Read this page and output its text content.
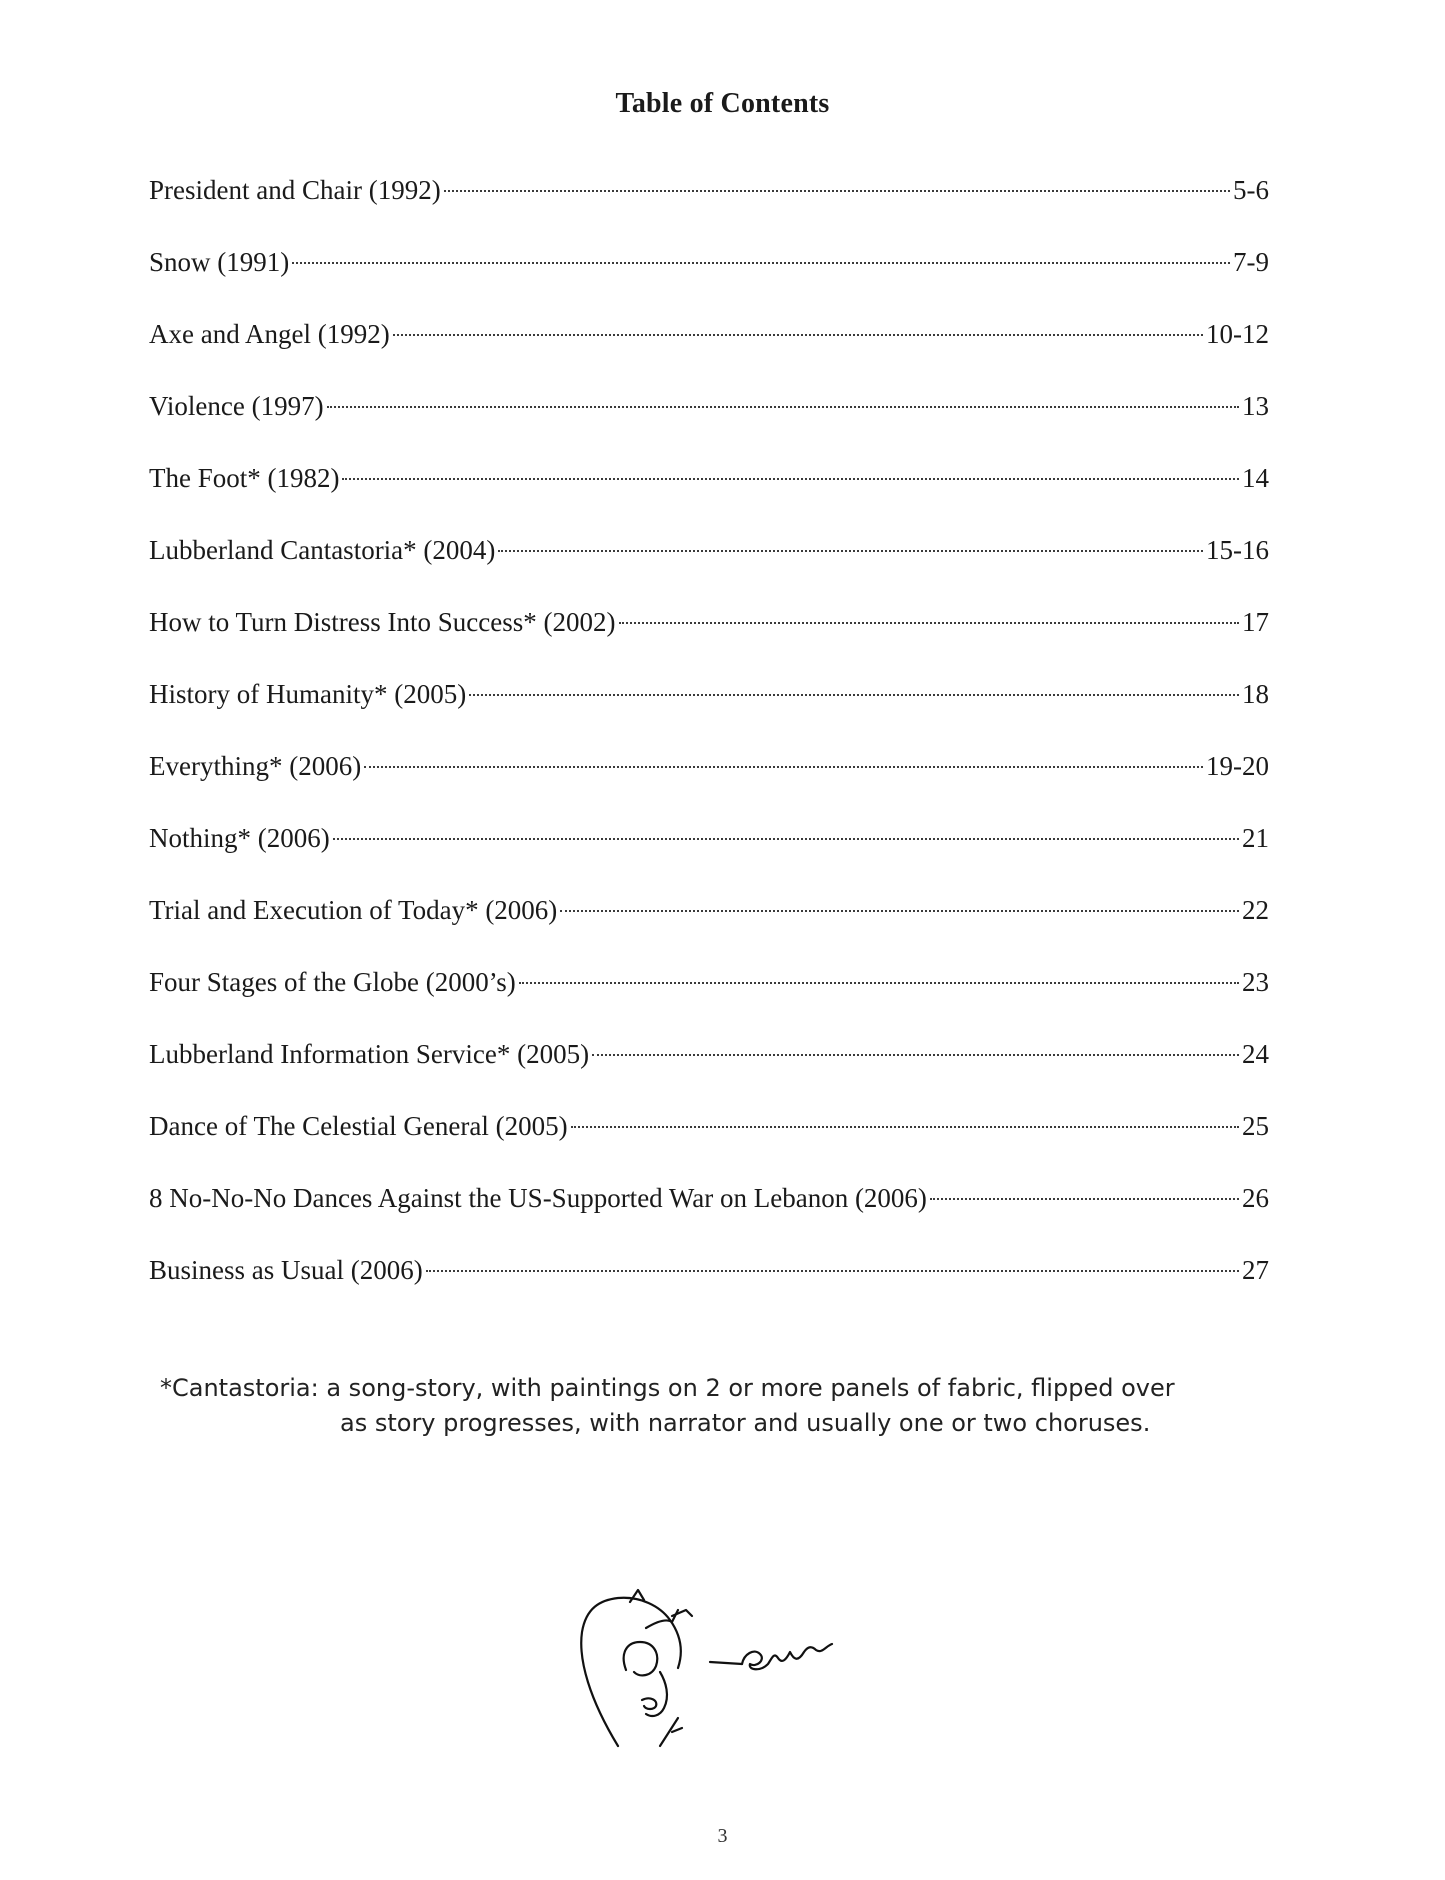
Table of Contents
President and Chair (1992)	5-6
Snow (1991)	7-9
Axe and Angel (1992)	10-12
Violence (1997)	13
The Foot* (1982)	14
Lubberland Cantastoria* (2004)	15-16
How to Turn Distress Into Success* (2002)	17
History of Humanity* (2005)	18
Everything* (2006)	19-20
Nothing* (2006)	21
Trial and Execution of Today* (2006)	22
Four Stages of the Globe (2000’s)	23
Lubberland Information Service* (2005)	24
Dance of The Celestial General (2005)	25
8 No-No-No Dances Against the US-Supported War on Lebanon (2006)	26
Business as Usual (2006)	27
*Cantastoria: a song-story, with paintings on 2 or more panels of fabric, flipped over
as story progresses, with narrator and usually one or two choruses.
3
